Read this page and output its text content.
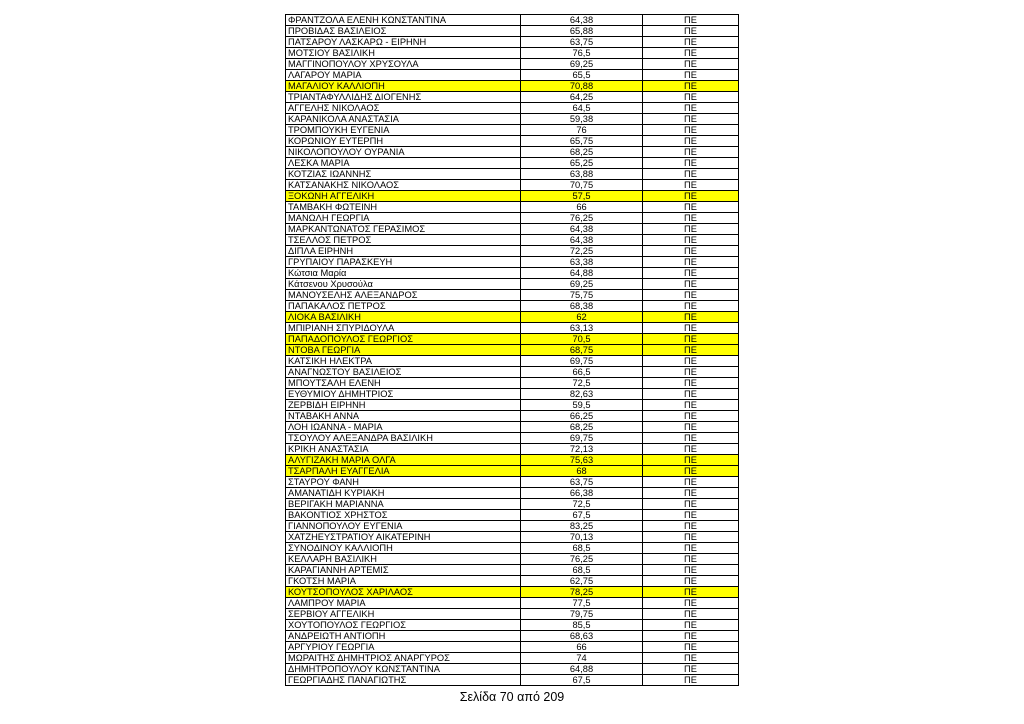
ΦΡΑΝΤΖΟΛΑ ΕΛΕΝΗ ΚΩΝΣΤΑΝΤΙΝΑ	64,38	ΠΕ
ΠΡΟΒΙΔΑΣ ΒΑΣΙΛΕΙΟΣ	65,88	ΠΕ
ΠΑΤΣΑΡΟΥ ΛΑΣΚΑΡΩ - ΕΙΡΗΝΗ	63,75	ΠΕ
ΜΟΤΣΙΟΥ ΒΑΣΙΛΙΚΗ	76,5	ΠΕ
ΜΑΓΓΙΝΟΠΟΥΛΟΥ ΧΡΥΣΟΥΛΑ	69,25	ΠΕ
ΛΑΓΑΡΟΥ ΜΑΡΙΑ	65,5	ΠΕ
ΜΑΓΑΛΙΟΥ ΚΑΛΛΙΟΠΗ	70,88	ΠΕ
ΤΡΙΑΝΤΑΦΥΛΛΙΔΗΣ ΔΙΟΓΕΝΗΣ	64,25	ΠΕ
ΑΓΓΕΛΗΣ ΝΙΚΟΛΑΟΣ	64,5	ΠΕ
ΚΑΡΑΝΙΚΟΛΑ ΑΝΑΣΤΑΣΙΑ	59,38	ΠΕ
ΤΡΟΜΠΟΥΚΗ ΕΥΓΕΝΙΑ	76	ΠΕ
ΚΟΡΩΝΙΟΥ ΕΥΤΕΡΠΗ	65,75	ΠΕ
ΝΙΚΟΛΟΠΟΥΛΟΥ ΟΥΡΑΝΙΑ	68,25	ΠΕ
ΛΕΣΚΑ ΜΑΡΙΑ	65,25	ΠΕ
ΚΟΤΖΙΑΣ ΙΩΑΝΝΗΣ	63,88	ΠΕ
ΚΑΤΣΑΝΑΚΗΣ ΝΙΚΟΛΑΟΣ	70,75	ΠΕ
ΞΟΚΩΝΗ ΑΓΓΕΛΙΚΗ	57,5	ΠΕ
ΤΑΜΒΑΚΗ ΦΩΤΕΙΝΗ	66	ΠΕ
ΜΑΝΩΛΗ ΓΕΩΡΓΙΑ	76,25	ΠΕ
ΜΑΡΚΑΝΤΩΝΑΤΟΣ ΓΕΡΑΣΙΜΟΣ	64,38	ΠΕ
ΤΣΕΛΛΟΣ ΠΕΤΡΟΣ	64,38	ΠΕ
ΔΙΠΛΑ ΕΙΡΗΝΗ	72,25	ΠΕ
ΓΡΥΠΑΙΟΥ ΠΑΡΑΣΚΕΥΗ	63,38	ΠΕ
Κώτσια Μαρία	64,88	ΠΕ
Κάτσενου Χρυσούλα	69,25	ΠΕ
ΜΑΝΟΥΣΕΛΗΣ ΑΛΕΞΑΝΔΡΟΣ	75,75	ΠΕ
ΠΑΠΑΚΑΛΟΣ ΠΕΤΡΟΣ	68,38	ΠΕ
ΛΙΟΚΑ ΒΑΣΙΛΙΚΗ	62	ΠΕ
ΜΠΙΡΙΑΝΗ ΣΠΥΡΙΔΟΥΛΑ	63,13	ΠΕ
ΠΑΠΑΔΟΠΟΥΛΟΣ ΓΕΩΡΓΙΟΣ	70,5	ΠΕ
ΝΤΟΒΑ ΓΕΩΡΓΙΑ	68,75	ΠΕ
ΚΑΤΣΙΚΗ ΗΛΕΚΤΡΑ	69,75	ΠΕ
ΑΝΑΓΝΩΣΤΟΥ ΒΑΣΙΛΕΙΟΣ	66,5	ΠΕ
ΜΠΟΥΤΣΑΛΗ ΕΛΕΝΗ	72,5	ΠΕ
ΕΥΘΥΜΙΟΥ ΔΗΜΗΤΡΙΟΣ	82,63	ΠΕ
ΖΕΡΒΙΔΗ ΕΙΡΗΝΗ	59,5	ΠΕ
ΝΤΑΒΑΚΗ ΑΝΝΑ	66,25	ΠΕ
ΛΟΗ ΙΩΑΝΝΑ - ΜΑΡΙΑ	68,25	ΠΕ
ΤΣΟΥΛΟΥ ΑΛΕΞΑΝΔΡΑ ΒΑΣΙΛΙΚΗ	69,75	ΠΕ
ΚΡΙΚΗ ΑΝΑΣΤΑΣΙΑ	72,13	ΠΕ
ΑΛΥΓΙΖΑΚΗ ΜΑΡΙΑ ΟΛΓΑ	75,63	ΠΕ
ΤΣΑΡΠΑΛΗ ΕΥΑΓΓΕΛΙΑ	68	ΠΕ
ΣΤΑΥΡΟΥ ΦΑΝΗ	63,75	ΠΕ
ΑΜΑΝΑΤΙΔΗ ΚΥΡΙΑΚΗ	66,38	ΠΕ
ΒΕΡΙΓΑΚΗ ΜΑΡΙΑΝΝΑ	72,5	ΠΕ
ΒΑΚΟΝΤΙΟΣ ΧΡΗΣΤΟΣ	67,5	ΠΕ
ΓΙΑΝΝΟΠΟΥΛΟΥ ΕΥΓΕΝΙΑ	83,25	ΠΕ
ΧΑΤΖΗΕΥΣΤΡΑΤΙΟΥ ΑΙΚΑΤΕΡΙΝΗ	70,13	ΠΕ
ΣΥΝΟΔΙΝΟΥ ΚΑΛΛΙΟΠΗ	68,5	ΠΕ
ΚΕΛΛΑΡΗ ΒΑΣΙΛΙΚΗ	76,25	ΠΕ
ΚΑΡΑΓΙΑΝΝΗ ΑΡΤΕΜΙΣ	68,5	ΠΕ
ΓΚΟΤΣΗ ΜΑΡΙΑ	62,75	ΠΕ
ΚΟΥΤΣΟΠΟΥΛΟΣ ΧΑΡΙΛΑΟΣ	78,25	ΠΕ
ΛΑΜΠΡΟΥ ΜΑΡΙΑ	77,5	ΠΕ
ΣΕΡΒΙΟΥ ΑΓΓΕΛΙΚΗ	79,75	ΠΕ
ΧΟΥΤΟΠΟΥΛΟΣ ΓΕΩΡΓΙΟΣ	85,5	ΠΕ
ΑΝΔΡΕΙΩΤΗ ΑΝΤΙΟΠΗ	68,63	ΠΕ
ΑΡΓΥΡΙΟΥ ΓΕΩΡΓΙΑ	66	ΠΕ
ΜΩΡΑΙΤΗΣ ΔΗΜΗΤΡΙΟΣ ΑΝΑΡΓΥΡΟΣ	74	ΠΕ
ΔΗΜΗΤΡΟΠΟΥΛΟΥ ΚΩΝΣΤΑΝΤΙΝΑ	64,88	ΠΕ
ΓΕΩΡΓΙΑΔΗΣ ΠΑΝΑΓΙΩΤΗΣ	67,5	ΠΕ
Σελίδα 70 από 209
